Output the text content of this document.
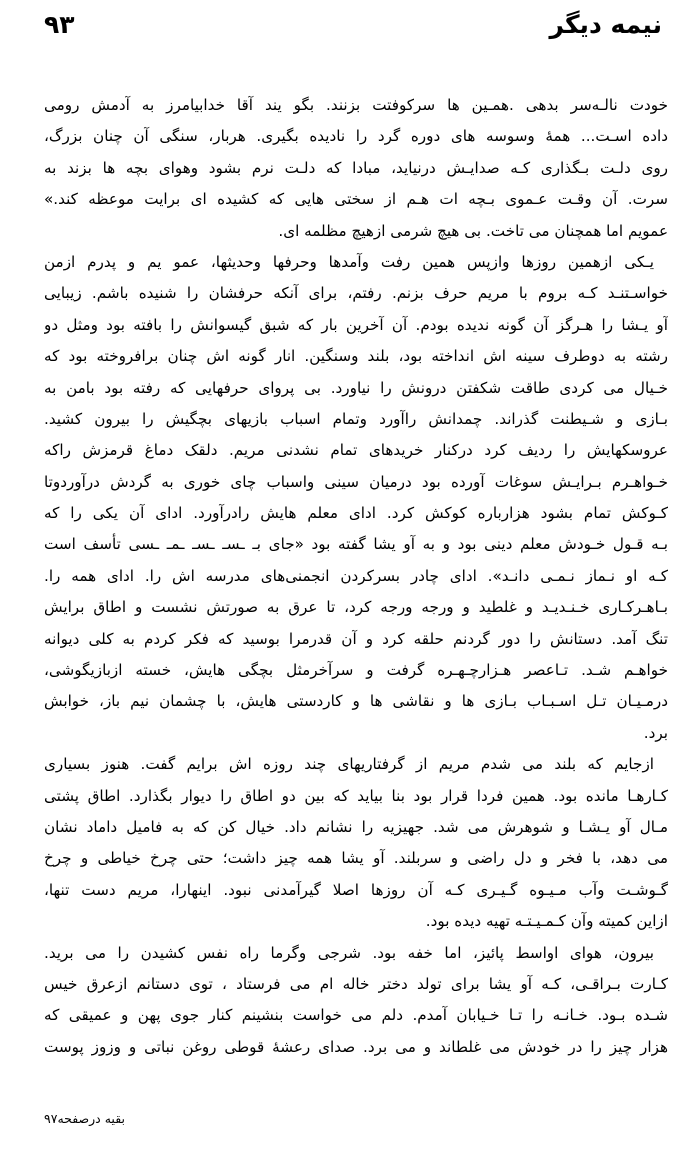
نیمه دیگر
۹۳
خودت نالـه‌سر بدهی .همـین ها سرکوفتت بزنند. بگو یند آقا خدابیامرز به آدمش رومی‌
داده اسـت... همهٔ وسوسه های دوره گرد را نادیده بگیری. هربار، سنگی آن چنان بزرگ،
روی دلـت بـگذاری کـه صدایـش درنیاید، مبادا که دلـت نرم بشود وهوای بچه ها بزند به
سرت. آن وقـت عـموی بـچه ات هـم از سختی هایی که کشیده ای برایت موعظه کند.»
عمویم اما همچنان می تاخت. بی هیچ شرمی ازهیچ مظلمه ای.
یـکی ازهمین روزها وازپس همین رفت وآمدها وحرفها وحدیثها، عمو یم و پدرم ازمن
خواسـتنـد کـه بروم با مریم حرف بزنم. رفتم، برای آنکه حرفشان را شنیده باشم. زیبایی
آو یـشا را هـرگز آن گونه ندیده بودم. آن آخرین بار که شبق گیسوانش را بافته بود ومثل دو
رشته به دوطرف سینه اش انداخته بود، بلند وسنگین. انار گونه اش چنان برافروخته بود که
خـیال می کردی طاقت شکفتن درونش را نیاورد. بی پروای حرفهایی که رفته بود بامن به
بـازی و شـیطنت گذراند. چمدانش راآورد وتمام اسباب بازیهای بچگیش را بیرون کشید.
عروسکهایش را ردیف کرد درکنار خریدهای تمام نشدنی مریم. دلقک دماغ قرمزش راکه
خـواهـرم بـرایـش سوغات آورده بود درمیان سینی واسباب چای خوری به گردش درآوردوتا
کـوکش تمام بشود هزارباره کوکش کرد. ادای معلم هایش رادرآورد. ادای آن یکی را که
بـه قـول خـودش معلم دینی بود و به آو یشا گفته بود «جای بـ ـسـ ـسـ ـمـ ـسی تأسف است
کـه او نـماز نـمـی دانـد». ادای چادر بسرکردن انجمنی‌های مدرسه اش را. ادای همه را.
بـاهـرکـاری خـنـدیـد و غلطید و ورجه ورجه کرد، تا عرق به صورتش نشست و اطاق برایش
تنگ آمد. دستانش را دور گردنم حلقه کرد و آن قدرمرا بوسید که فکر کردم به کلی دیوانه
خواهـم شـد. تـاعصر هـزارچـهـره گرفت و سرآخرمثل بچگی هایش، خسته ازبازیگوشی،
درمـیـان تـل اسـبـاب بـازی ها و نقاشی ها و کاردستی هایش، با چشمان نیم باز، خوابش
برد.
ازجایم که بلند می شدم مریم از گرفتاریهای چند روزه اش برایم گفت. هنوز بسیاری
کـارهـا مانده بود. همین فردا قرار بود بنا بیاید که بین دو اطاق را دیوار بگذارد. اطاق پشتی
مـال آو یـشـا و شوهرش می شد. جهیزیه را نشانم داد. خیال کن که به فامیل داماد نشان
می دهد، با فخر و دل راضی و سربلند. آو یشا همه چیز داشت؛ حتی چرخ خیاطی و چرخ
گـوشـت وآب مـیـوه گـیـری کـه آن روزها اصلا گیرآمدنی نبود. اینهارا، مریم دست تنها،
ازاین کمیته وآن کـمـیـتـه تهیه دیده بود.
بیرون، هوای اواسط پائیز، اما خفه بود. شرجی وگرما راه نفس کشیدن را می برید.
کـارت بـراقـی، کـه آو یشا برای تولد دختر خاله ام می فرستاد ، توی دستانم ازعرق خیس
شـده بـود. خـانـه را تـا خـیابان آمدم. دلم می خواست بنشینم کنار جوی پهن و عمیقی که
هزار چیز را در خودش می غلطاند و می برد. صدای رعشهٔ قوطی روغن نباتی و وزوز پوست
بقیه درصفحه۹۷
